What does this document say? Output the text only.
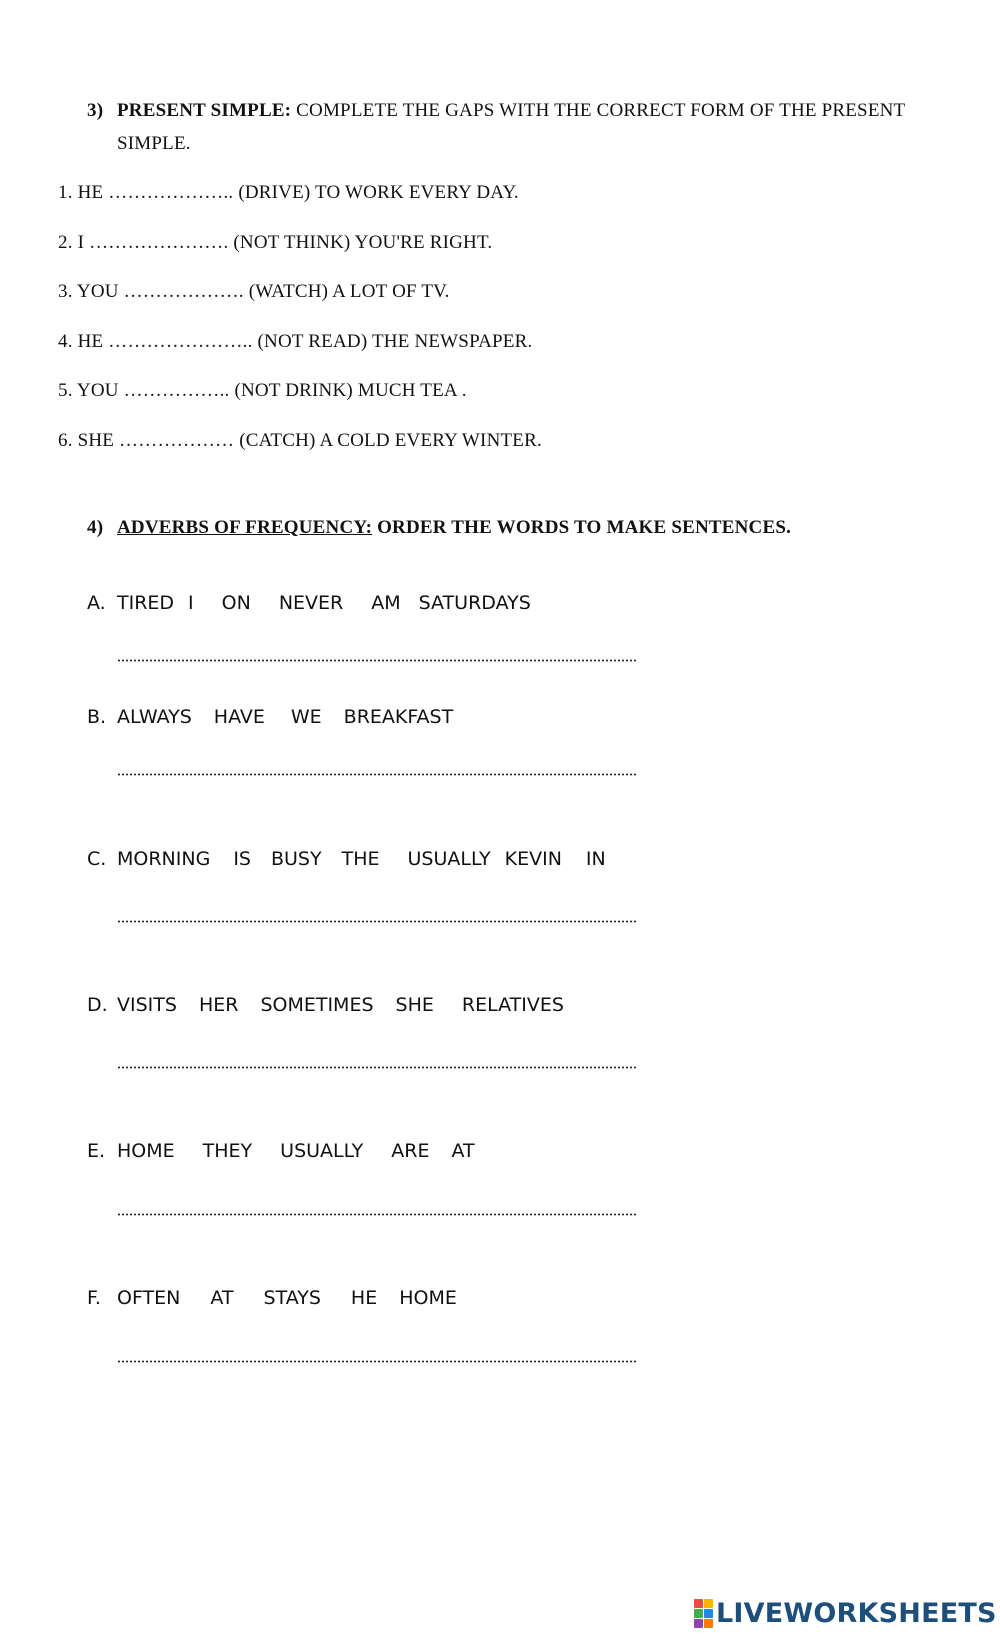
3) PRESENT SIMPLE: COMPLETE THE GAPS WITH THE CORRECT FORM OF THE PRESENT
SIMPLE.
1. HE ……………….. (DRIVE) TO WORK EVERY DAY.
2. I …………………. (NOT THINK) YOU'RE RIGHT.
3. YOU ………………. (WATCH) A LOT OF TV.
4. HE ………………….. (NOT READ) THE NEWSPAPER.
5. YOU …………….. (NOT DRINK) MUCH TEA .
6. SHE ……………… (CATCH) A COLD EVERY WINTER.
4) ADVERBS OF FREQUENCY: ORDER THE WORDS TO MAKE SENTENCES.
A. TIRED I ON NEVER AM SATURDAYS
B. ALWAYS HAVE WE BREAKFAST
C. MORNING IS BUSY THE USUALLY KEVIN IN
D. VISITS HER SOMETIMES SHE RELATIVES
E. HOME THEY USUALLY ARE AT
F. OFTEN AT STAYS HE HOME
LIVEWORKSHEETS
